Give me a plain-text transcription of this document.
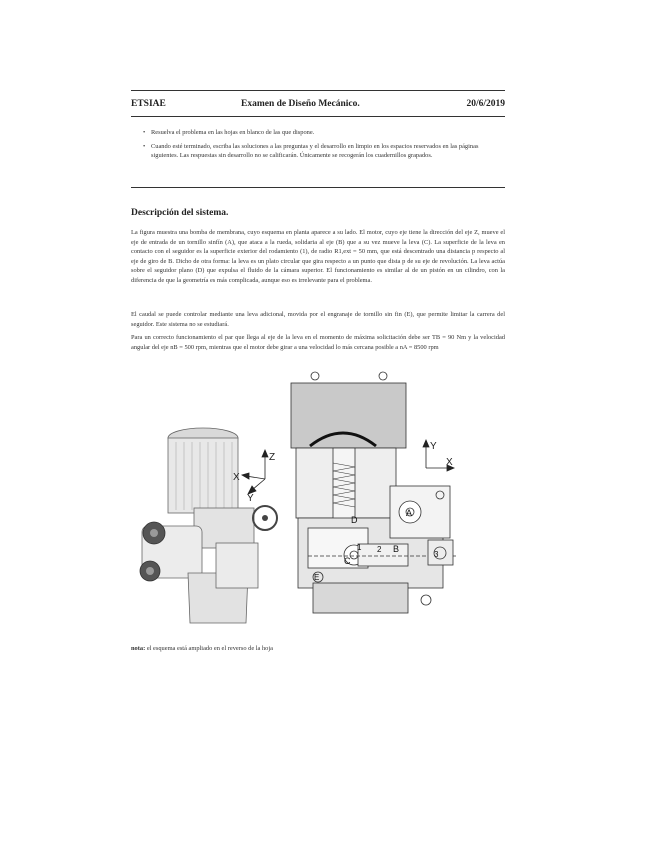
ETSIAE	Examen de Diseño Mecánico.	20/6/2019
• Resuelva el problema en las hojas en blanco de las que dispone.
• Cuando esté terminado, escriba las soluciones a las preguntas y el desarrollo en limpio en los espacios reservados en las páginas siguientes. Las respuestas sin desarrollo no se calificarán. Únicamente se recogerán los cuadernillos grapados.
Descripción del sistema.

La figura muestra una bomba de membrana, cuyo esquema en planta aparece a su lado. El motor, cuyo eje tiene la dirección del eje Z, mueve el eje de entrada de un tornillo sinfín (A), que ataca a la rueda, solidaria al eje (B) que a su vez mueve la leva (C). La superficie de la leva en contacto con el seguidor es la superficie exterior del rodamiento (1), de radio R1,ext = 50 mm, que está descentrado una distancia p respecto al eje de giro de B. Dicho de otra forma: la leva es un plato circular que gira respecto a un punto que dista p de su eje de revolución. La leva actúa sobre el seguidor plano (D) que expulsa el fluido de la cámara superior. El funcionamiento es similar al de un pistón en un cilindro, con la diferencia de que la geometría es más complicada, aunque eso es irrelevante para el problema.

El caudal se puede controlar mediante una leva adicional, movida por el engranaje de tornillo sin fin (E), que permite limitar la carrera del seguidor. Este sistema no se estudiará.

Para un correcto funcionamiento el par que llega al eje de la leva en el momento de máxima solicitación debe ser TB = 90 Nm y la velocidad angular del eje nB = 500 rpm, mientras que el motor debe girar a una velocidad lo más cercana posible a nA = 8500 rpm

Z
X
Y
Y
X
A
B
C
D
E
1 2
3
nota: el esquema está ampliado en el reverso de la hoja
